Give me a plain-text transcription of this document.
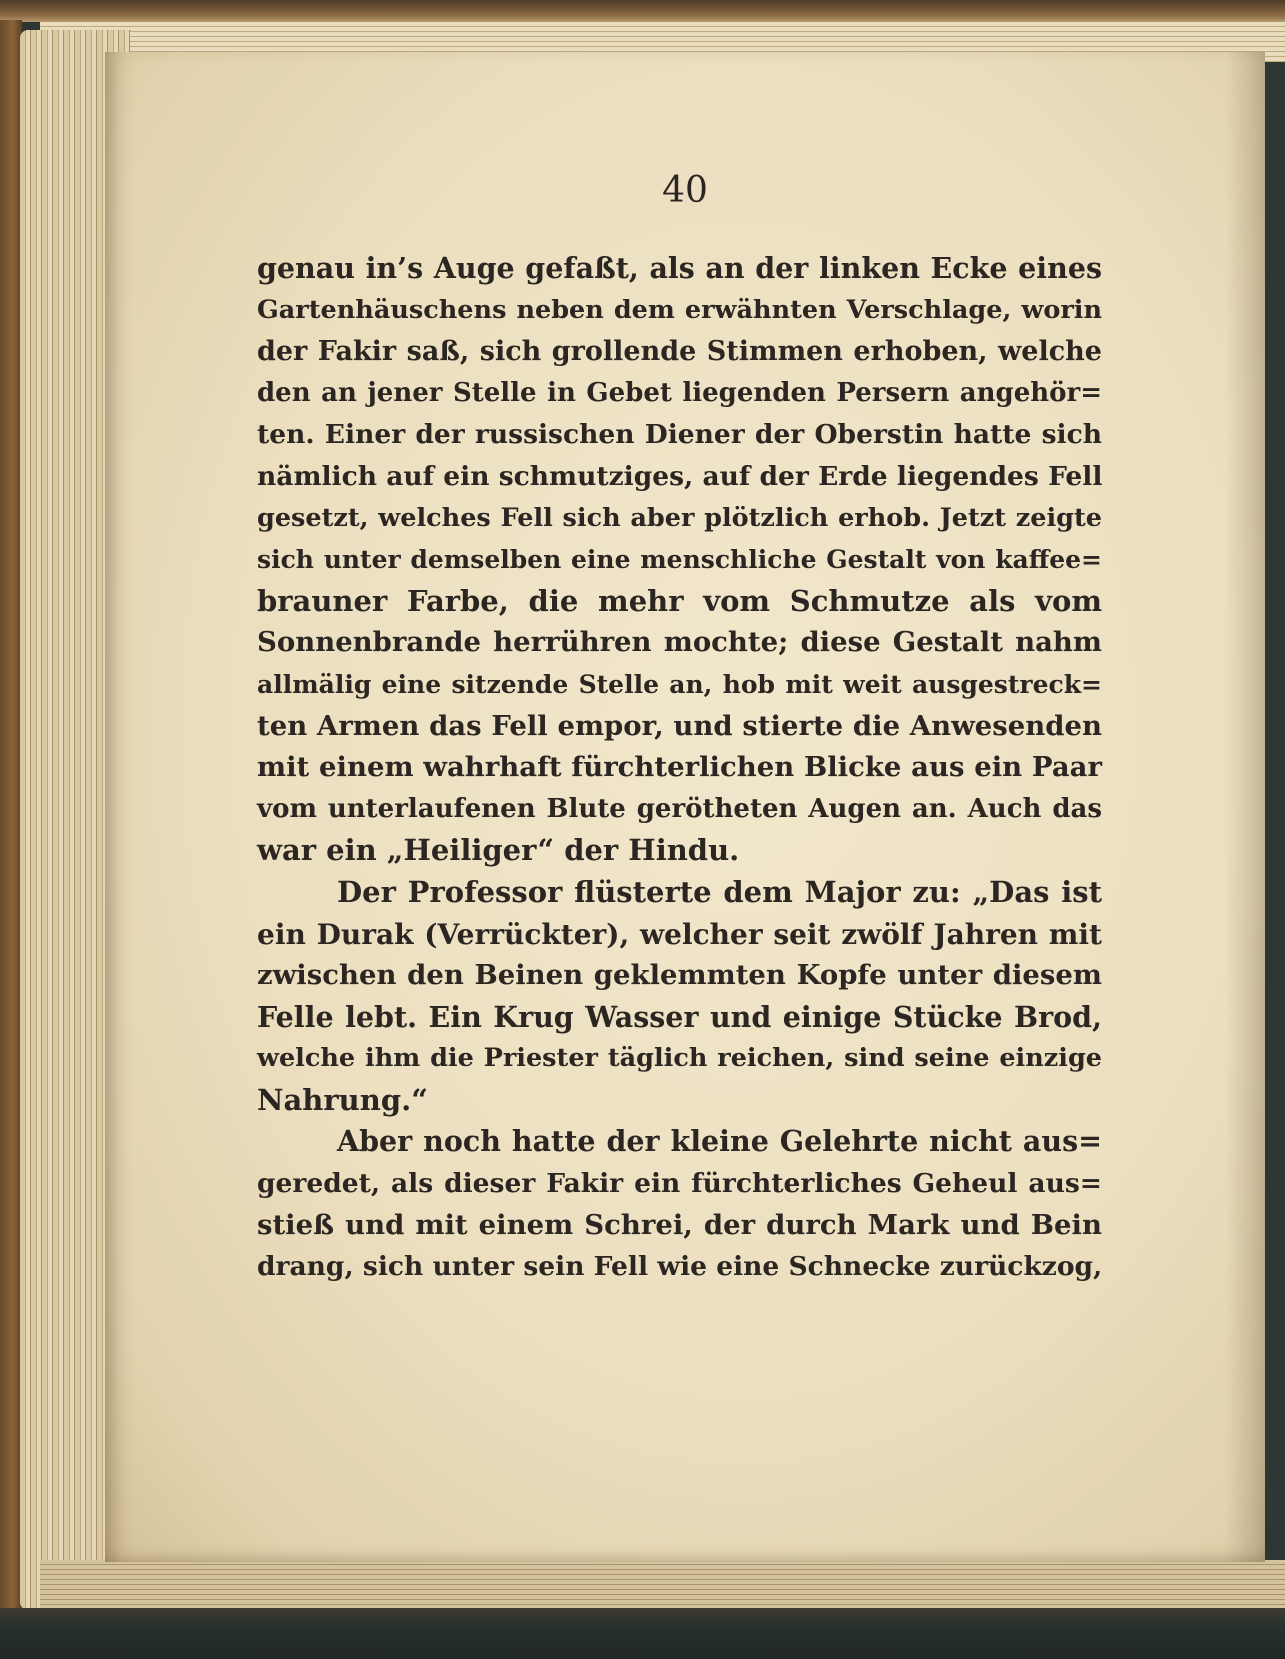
40
genau in’s Auge gefaßt, als an der linken Ecke eines
Gartenhäuschens neben dem erwähnten Verschlage, worin
der Fakir saß, sich grollende Stimmen erhoben, welche
den an jener Stelle in Gebet liegenden Persern angehör=
ten. Einer der russischen Diener der Oberstin hatte sich
nämlich auf ein schmutziges, auf der Erde liegendes Fell
gesetzt, welches Fell sich aber plötzlich erhob. Jetzt zeigte
sich unter demselben eine menschliche Gestalt von kaffee=
brauner Farbe, die mehr vom Schmutze als vom
Sonnenbrande herrühren mochte; diese Gestalt nahm
allmälig eine sitzende Stelle an, hob mit weit ausgestreck=
ten Armen das Fell empor, und stierte die Anwesenden
mit einem wahrhaft fürchterlichen Blicke aus ein Paar
vom unterlaufenen Blute gerötheten Augen an. Auch das
war ein „Heiliger“ der Hindu.
Der Professor flüsterte dem Major zu: „Das ist
ein Durak (Verrückter), welcher seit zwölf Jahren mit
zwischen den Beinen geklemmten Kopfe unter diesem
Felle lebt. Ein Krug Wasser und einige Stücke Brod,
welche ihm die Priester täglich reichen, sind seine einzige
Nahrung.“
Aber noch hatte der kleine Gelehrte nicht aus=
geredet, als dieser Fakir ein fürchterliches Geheul aus=
stieß und mit einem Schrei, der durch Mark und Bein
drang, sich unter sein Fell wie eine Schnecke zurückzog,
